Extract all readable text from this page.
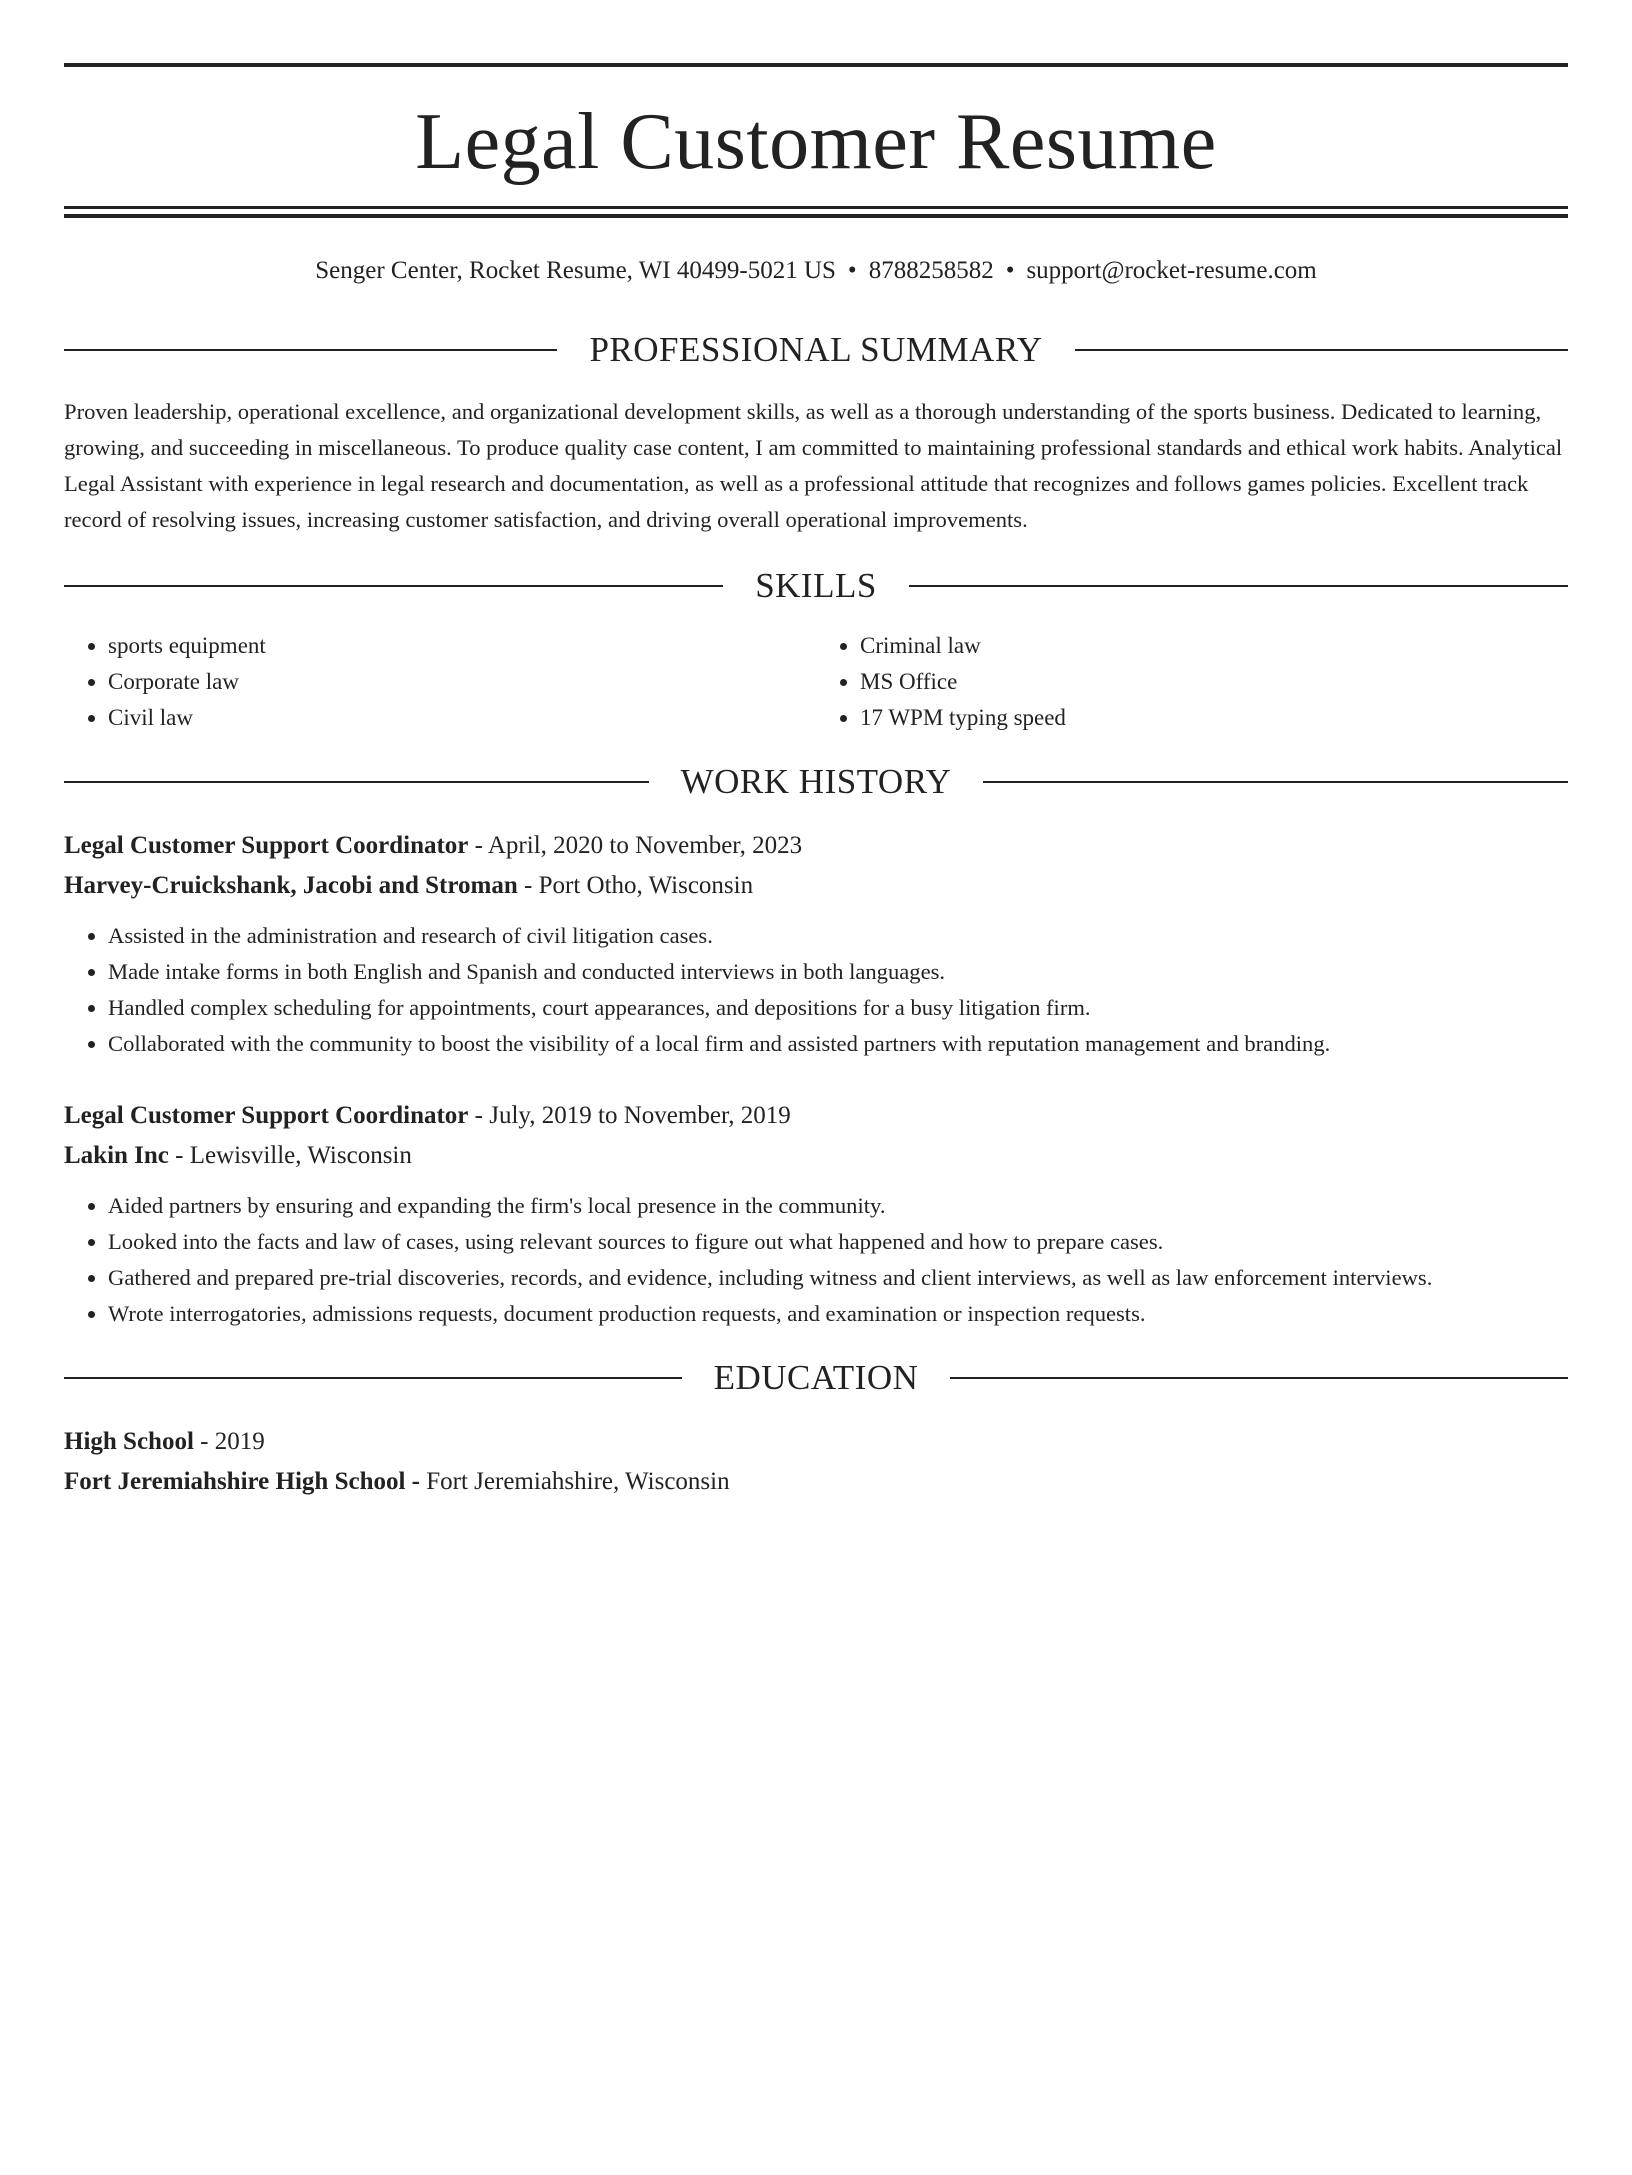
Legal Customer Resume
Senger Center, Rocket Resume, WI 40499-5021 US • 8788258582 • support@rocket-resume.com
PROFESSIONAL SUMMARY
Proven leadership, operational excellence, and organizational development skills, as well as a thorough understanding of the sports business. Dedicated to learning, growing, and succeeding in miscellaneous. To produce quality case content, I am committed to maintaining professional standards and ethical work habits. Analytical Legal Assistant with experience in legal research and documentation, as well as a professional attitude that recognizes and follows games policies. Excellent track record of resolving issues, increasing customer satisfaction, and driving overall operational improvements.
SKILLS
• sports equipment
• Corporate law
• Civil law
• Criminal law
• MS Office
• 17 WPM typing speed
WORK HISTORY
Legal Customer Support Coordinator - April, 2020 to November, 2023
Harvey-Cruickshank, Jacobi and Stroman - Port Otho, Wisconsin
• Assisted in the administration and research of civil litigation cases.
• Made intake forms in both English and Spanish and conducted interviews in both languages.
• Handled complex scheduling for appointments, court appearances, and depositions for a busy litigation firm.
• Collaborated with the community to boost the visibility of a local firm and assisted partners with reputation management and branding.
Legal Customer Support Coordinator - July, 2019 to November, 2019
Lakin Inc - Lewisville, Wisconsin
• Aided partners by ensuring and expanding the firm's local presence in the community.
• Looked into the facts and law of cases, using relevant sources to figure out what happened and how to prepare cases.
• Gathered and prepared pre-trial discoveries, records, and evidence, including witness and client interviews, as well as law enforcement interviews.
• Wrote interrogatories, admissions requests, document production requests, and examination or inspection requests.
EDUCATION
High School - 2019
Fort Jeremiahshire High School - Fort Jeremiahshire, Wisconsin
